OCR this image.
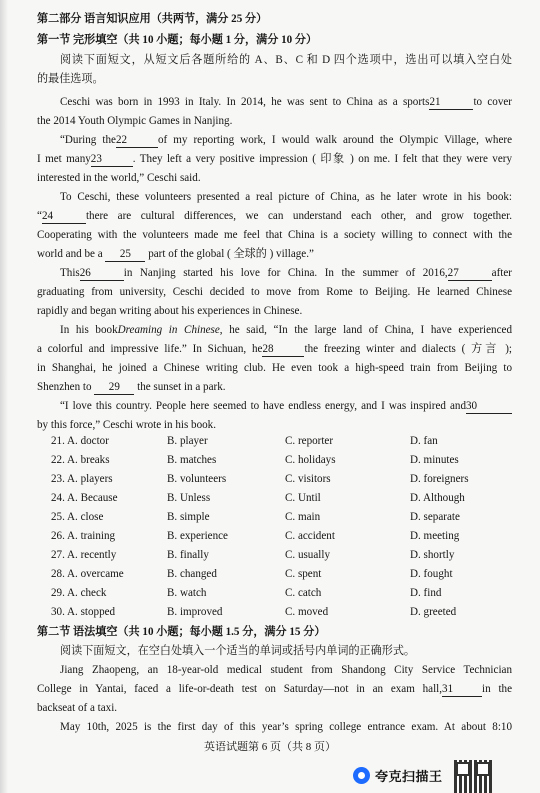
第二部分 语言知识应用（共两节，满分 25 分）
第一节 完形填空（共 10 小题；每小题 1 分，满分 10 分）
阅读下面短文，从短文后各题所给的 A、B、C 和 D 四个选项中，选出可以填入空白处
的最佳选项。
Ceschi was born in 1993 in Italy. In 2014, he was sent to China as a sports21	to cover
the 2014 Youth Olympic Games in Nanjing.
“During the22	of my reporting work, I would walk around the Olympic Village, where
I met many23	. They left a very positive impression ( 印象 ) on me. I felt that they were very
interested in the world,” Ceschi said.
To Ceschi, these volunteers presented a real picture of China, as he later wrote in his book:
“24	there are cultural differences, we can understand each other, and grow together.
Cooperating with the volunteers made me feel that China is a society willing to connect with the
world and be a 25 part of the global ( 全球的 ) village.”
This26	in Nanjing started his love for China. In the summer of 2016,27	after
graduating from university, Ceschi decided to move from Rome to Beijing. He learned Chinese
rapidly and began writing about his experiences in Chinese.
In his bookDreaming in Chinese, he said, “In the large land of China, I have experienced
a colorful and impressive life.” In Sichuan, he28	the freezing winter and dialects ( 方言 );
in Shanghai, he joined a Chinese writing club. He even took a high-speed train from Beijing to
Shenzhen to 29 the sunset in a park.
“I love this country. People here seemed to have endless energy, and I was inspired and30
by this force,” Ceschi wrote in his book.
21. A. doctor	B. player	C. reporter	D. fan
22. A. breaks	B. matches	C. holidays	D. minutes
23. A. players	B. volunteers	C. visitors	D. foreigners
24. A. Because	B. Unless	C. Until	D. Although
25. A. close	B. simple	C. main	D. separate
26. A. training	B. experience	C. accident	D. meeting
27. A. recently	B. finally	C. usually	D. shortly
28. A. overcame	B. changed	C. spent	D. fought
29. A. check	B. watch	C. catch	D. find
30. A. stopped	B. improved	C. moved	D. greeted
第二节 语法填空（共 10 小题；每小题 1.5 分，满分 15 分）
阅读下面短文，在空白处填入一个适当的单词或括号内单词的正确形式。
Jiang Zhaopeng, an 18-year-old medical student from Shandong City Service Technician
College in Yantai, faced a life-or-death test on Saturday—not in an exam hall,31	in the
backseat of a taxi.
May 10th, 2025 is the first day of this year’s spring college entrance exam. At about 8:10
英语试题第 6 页（共 8 页）
夸克扫描王
